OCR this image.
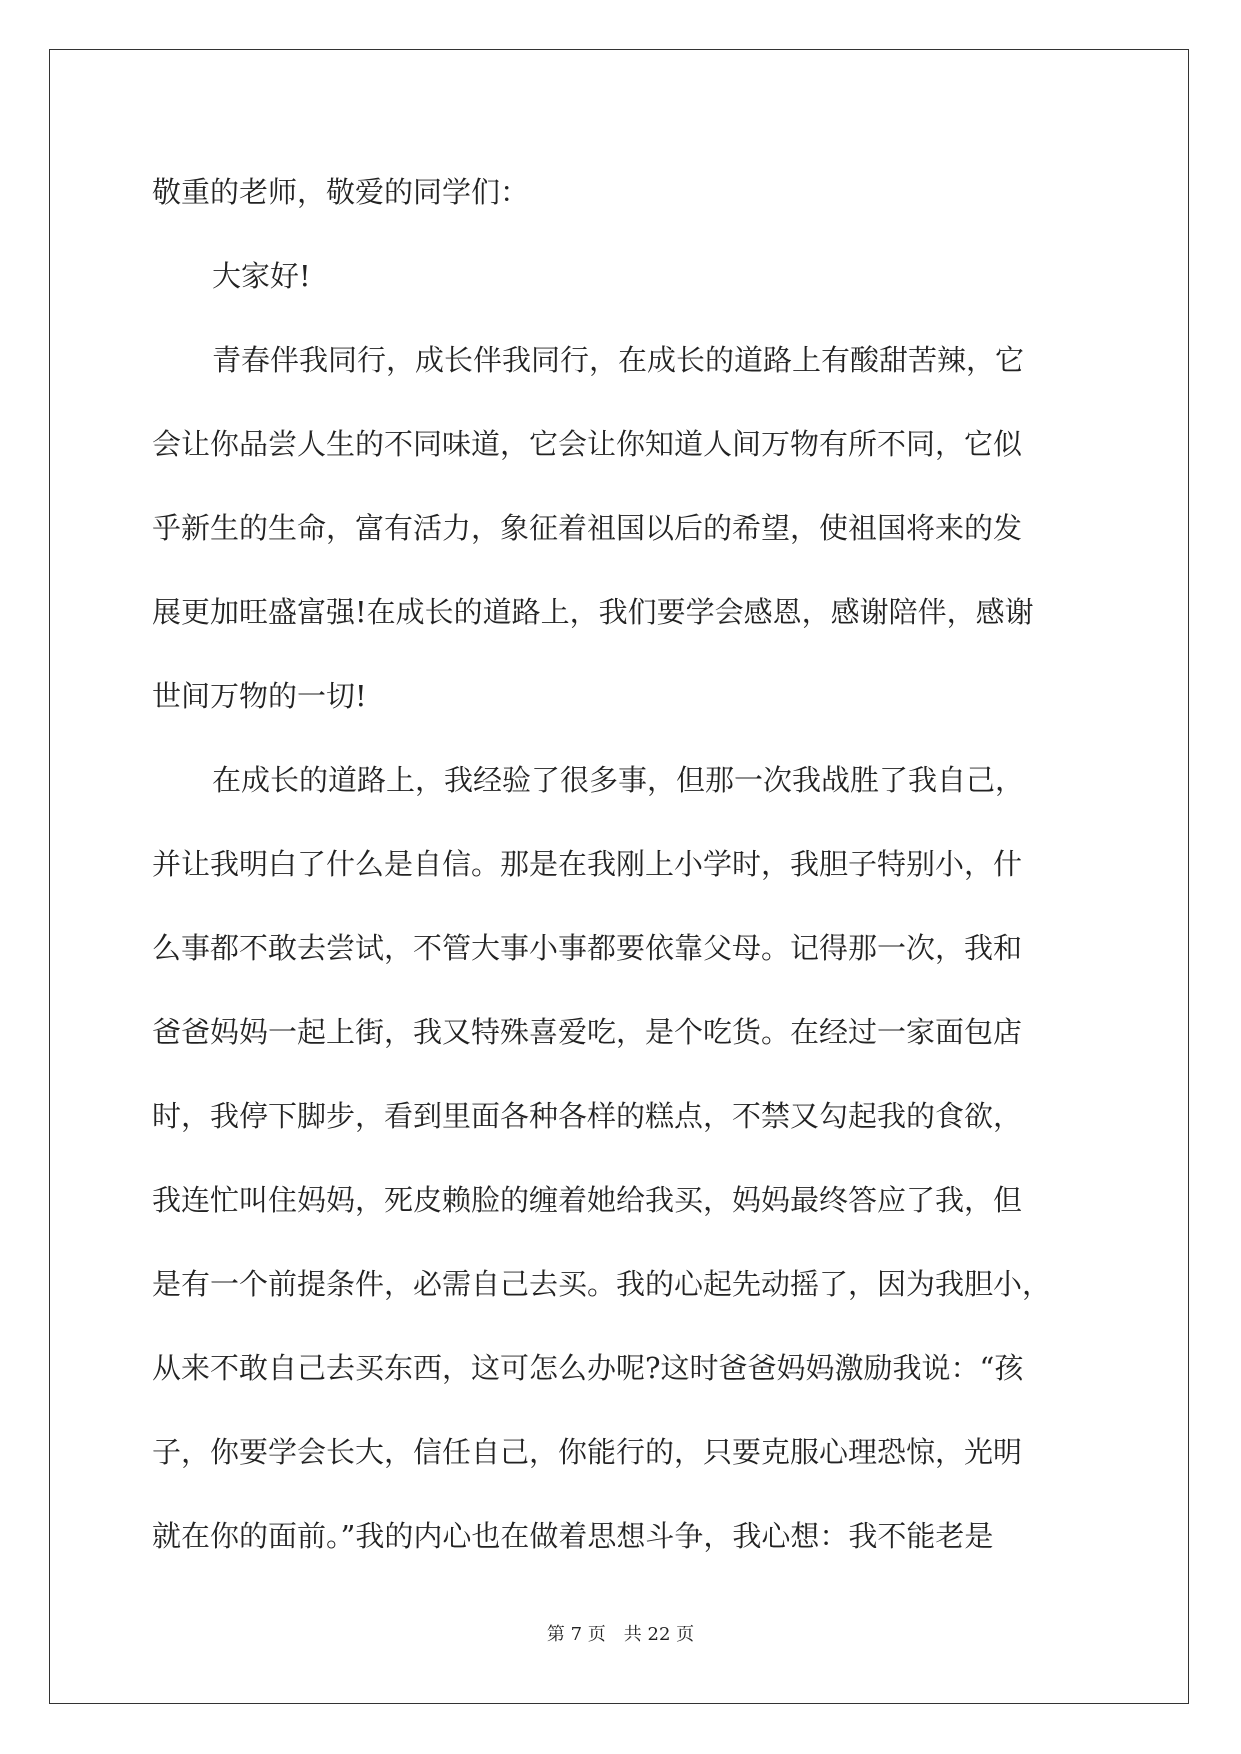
敬重的老师，敬爱的同学们：
大家好!
青春伴我同行，成长伴我同行，在成长的道路上有酸甜苦辣，它
会让你品尝人生的不同味道，它会让你知道人间万物有所不同，它似
乎新生的生命，富有活力，象征着祖国以后的希望，使祖国将来的发
展更加旺盛富强!在成长的道路上，我们要学会感恩，感谢陪伴，感谢
世间万物的一切!
在成长的道路上，我经验了很多事，但那一次我战胜了我自己，
并让我明白了什么是自信。那是在我刚上小学时，我胆子特别小，什
么事都不敢去尝试，不管大事小事都要依靠父母。记得那一次，我和
爸爸妈妈一起上街，我又特殊喜爱吃，是个吃货。在经过一家面包店
时，我停下脚步，看到里面各种各样的糕点，不禁又勾起我的食欲，
我连忙叫住妈妈，死皮赖脸的缠着她给我买，妈妈最终答应了我，但
是有一个前提条件，必需自己去买。我的心起先动摇了，因为我胆小，
从来不敢自己去买东西，这可怎么办呢?这时爸爸妈妈激励我说：“孩
子，你要学会长大，信任自己，你能行的，只要克服心理恐惊，光明
就在你的面前。”我的内心也在做着思想斗争，我心想：我不能老是
第 7 页 共 22 页
